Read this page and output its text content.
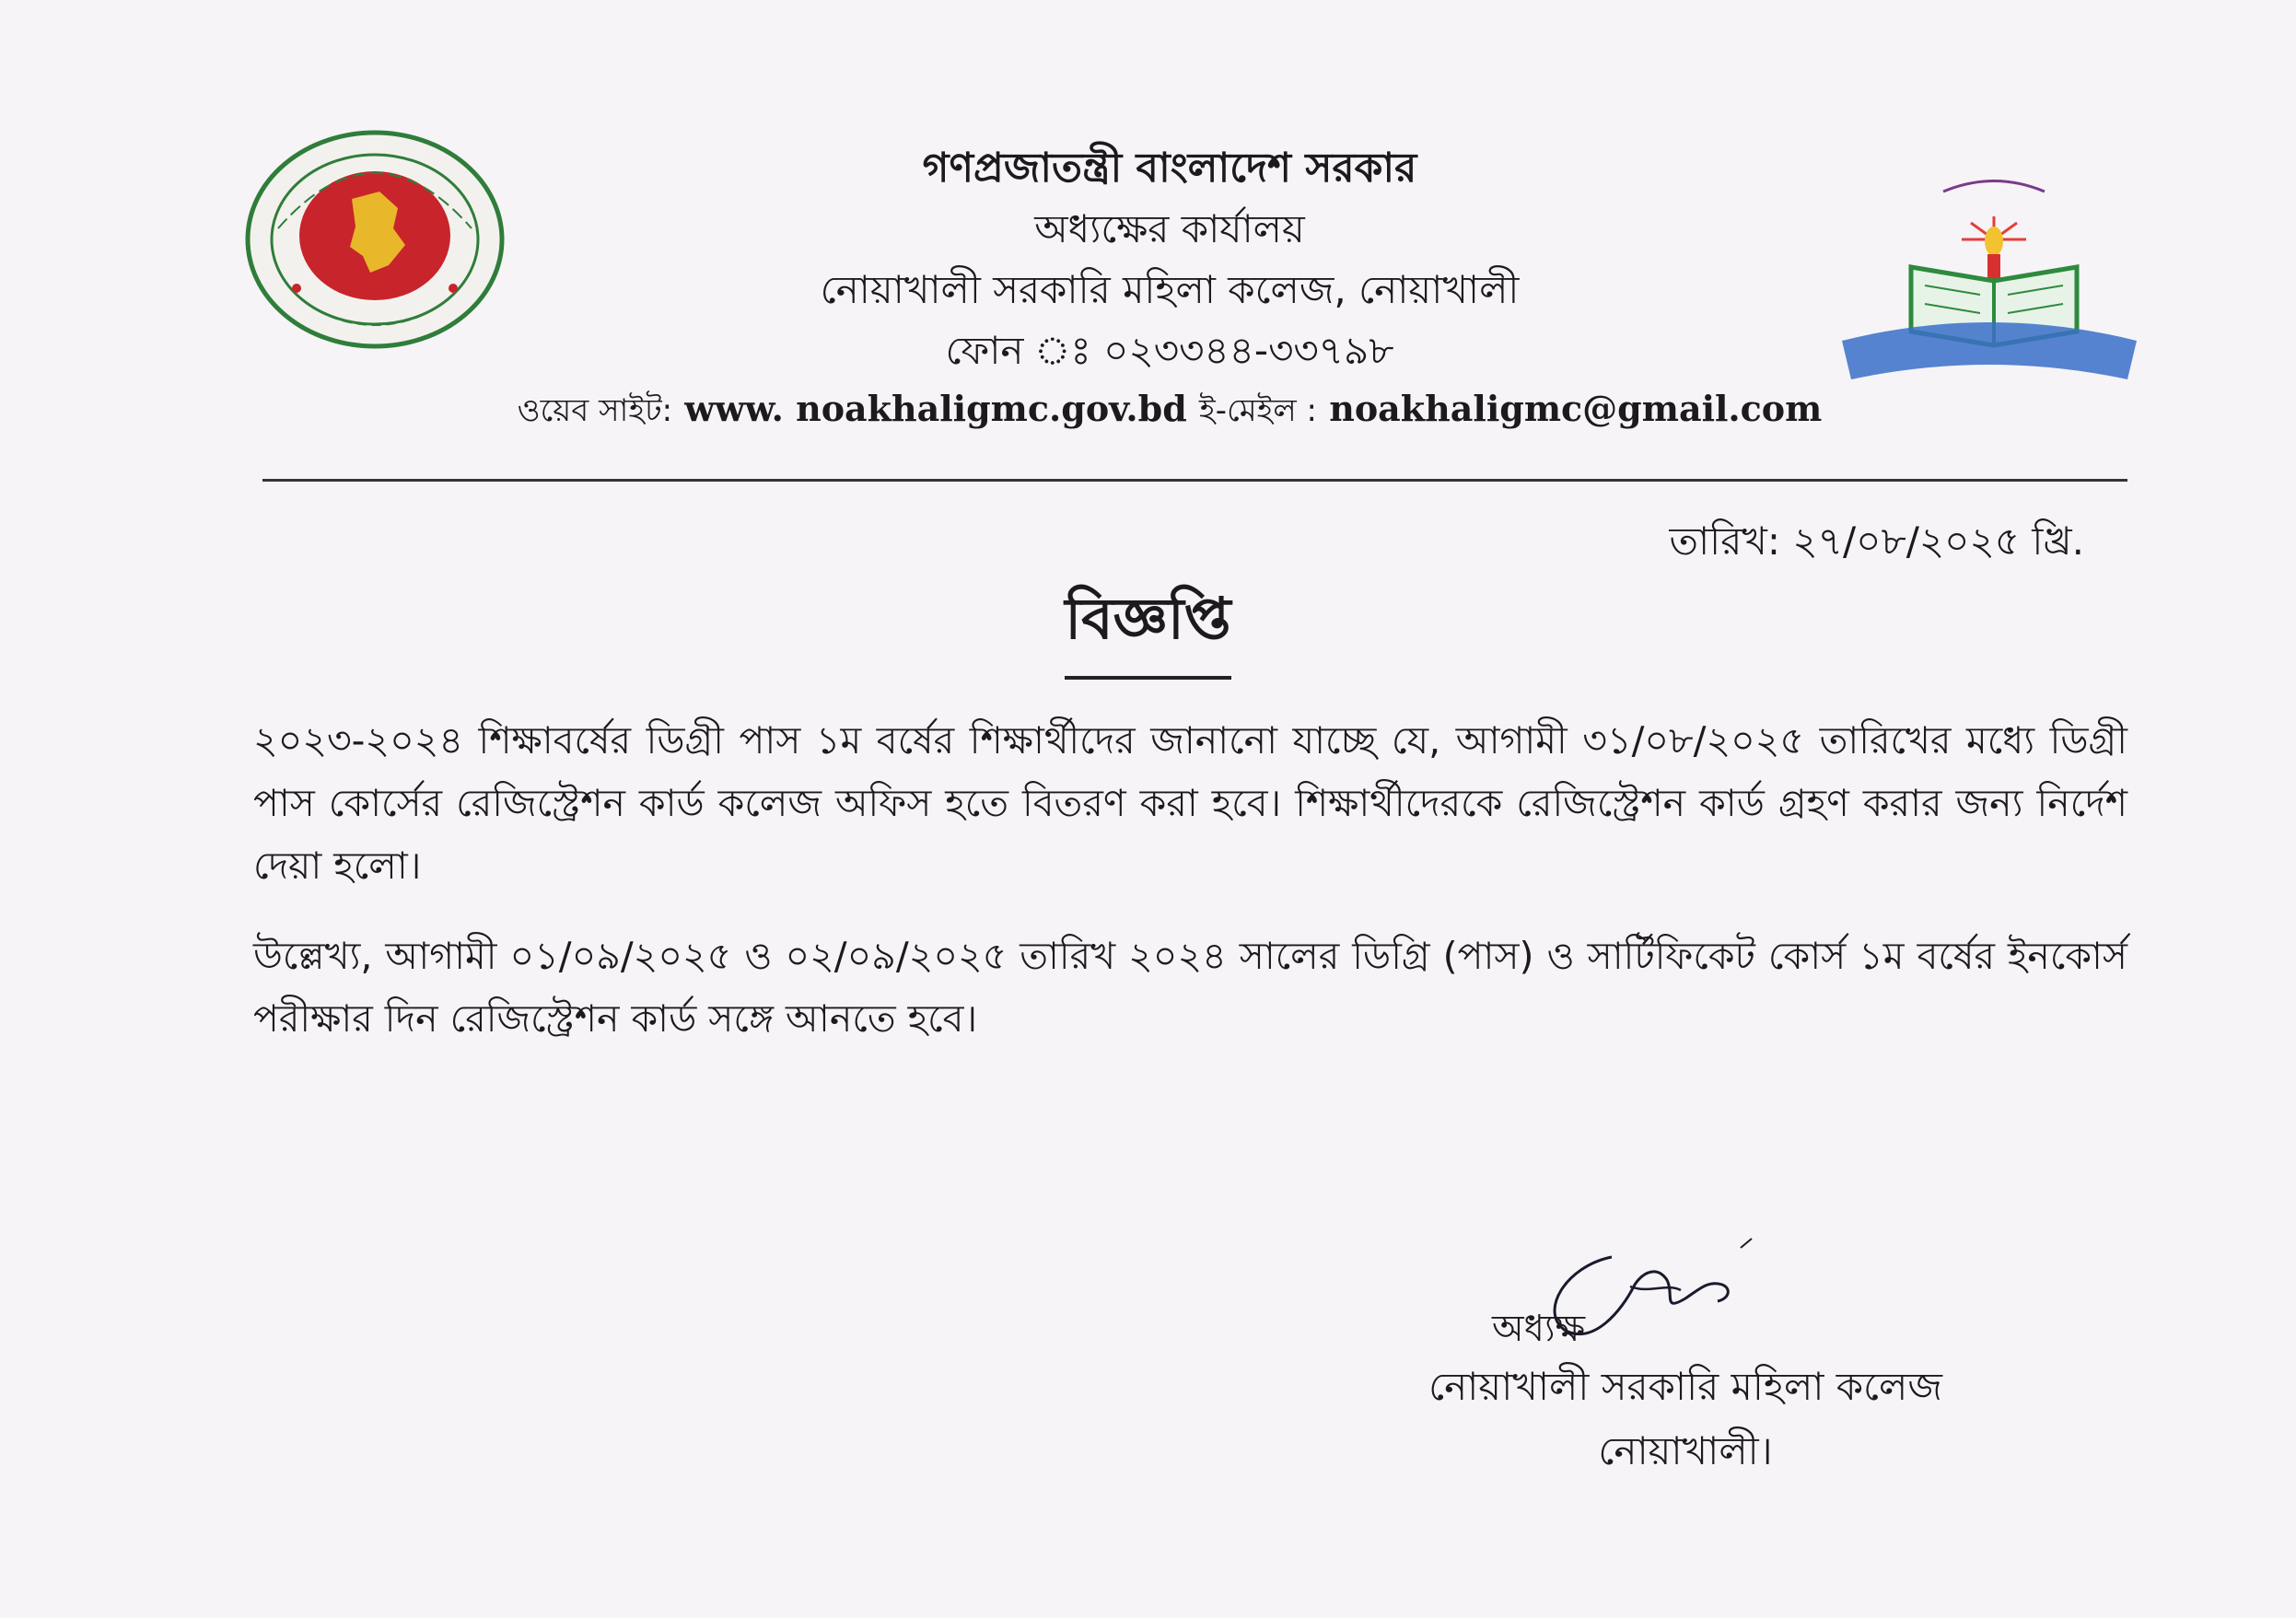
গণপ্রজাতন্ত্রী বাংলাদেশ সরকার
অধ্যক্ষের কার্যালয়
নোয়াখালী সরকারি মহিলা কলেজ, নোয়াখালী
ফোন ঃ ০২৩৩৪৪-৩৩৭৯৮
ওয়েব সাইট: www. noakhaligmc.gov.bd ই-মেইল : noakhaligmc@gmail.com
তারিখ: ২৭/০৮/২০২৫ খ্রি.
বিজ্ঞপ্তি

২০২৩-২০২৪ শিক্ষাবর্ষের ডিগ্রী পাস ১ম বর্ষের শিক্ষার্থীদের জানানো যাচ্ছে যে, আগামী ৩১/০৮/২০২৫ তারিখের মধ্যে ডিগ্রী পাস কোর্সের রেজিস্ট্রেশন কার্ড কলেজ অফিস হতে বিতরণ করা হবে। শিক্ষার্থীদেরকে রেজিস্ট্রেশন কার্ড গ্রহণ করার জন্য নির্দেশ দেয়া হলো।

উল্লেখ্য, আগামী ০১/০৯/২০২৫ ও ০২/০৯/২০২৫ তারিখ ২০২৪ সালের ডিগ্রি (পাস) ও সার্টিফিকেট কোর্স ১ম বর্ষের ইনকোর্স পরীক্ষার দিন রেজিস্ট্রেশন কার্ড সঙ্গে আনতে হবে।

অধ্যক্ষ
নোয়াখালী সরকারি মহিলা কলেজ
নোয়াখালী।
